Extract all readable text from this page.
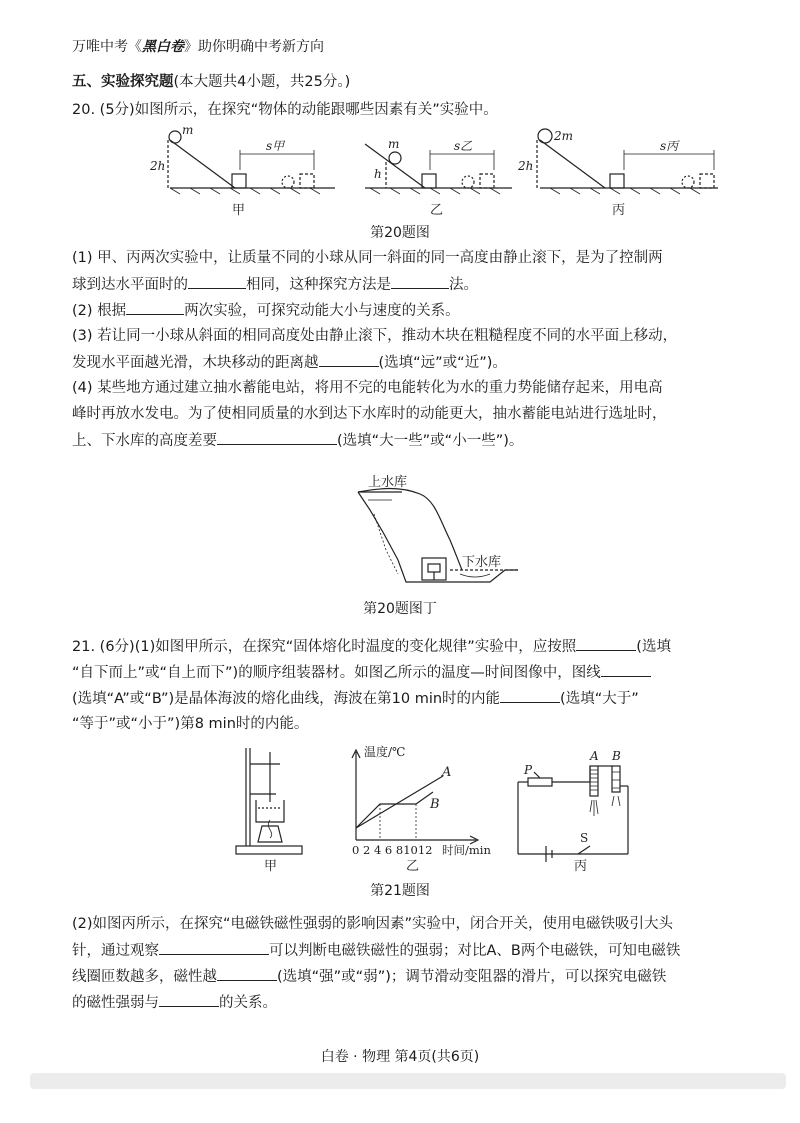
万唯中考《黑白卷》助你明确中考新方向
五、实验探究题(本大题共4小题，共25分。)
20. (5分)如图所示，在探究“物体的动能跟哪些因素有关”实验中。
m
2h
s甲	m
h
s乙
2m
2h
s丙
甲	乙	丙
第20题图
(1) 甲、丙两次实验中，让质量不同的小球从同一斜面的同一高度由静止滚下，是为了控制两
球到达水平面时的	相同，这种探究方法是	法。
(2) 根据	两次实验，可探究动能大小与速度的关系。
(3) 若让同一小球从斜面的相同高度处由静止滚下，推动木块在粗糙程度不同的水平面上移动，
发现水平面越光滑，木块移动的距离越	(选填“远”或“近”)。
(4) 某些地方通过建立抽水蓄能电站，将用不完的电能转化为水的重力势能储存起来，用电高
峰时再放水发电。为了使相同质量的水到达下水库时的动能更大，抽水蓄能电站进行选址时，
上、下水库的高度差要	(选填“大一些”或“小一些”)。
上水库
下水库
第20题图丁
21. (6分)(1)如图甲所示，在探究“固体熔化时温度的变化规律”实验中，应按照	(选填
“自下而上”或“自上而下”)的顺序组装器材。如图乙所示的温度—时间图像中，图线
(选填“A”或“B”)是晶体海波的熔化曲线，海波在第10 min时的内能	(选填“大于”
“等于”或“小于”)第8 min时的内能。
甲
温度/℃
A
B
0 2 4 6 81012 时间/min
乙
P
A B
S
丙
第21题图
(2)如图丙所示，在探究“电磁铁磁性强弱的影响因素”实验中，闭合开关，使用电磁铁吸引大头
针，通过观察	可以判断电磁铁磁性的强弱；对比A、B两个电磁铁，可知电磁铁
线圈匝数越多，磁性越	(选填“强”或“弱”)；调节滑动变阻器的滑片，可以探究电磁铁
的磁性强弱与	的关系。
白卷 · 物理 第4页(共6页)
